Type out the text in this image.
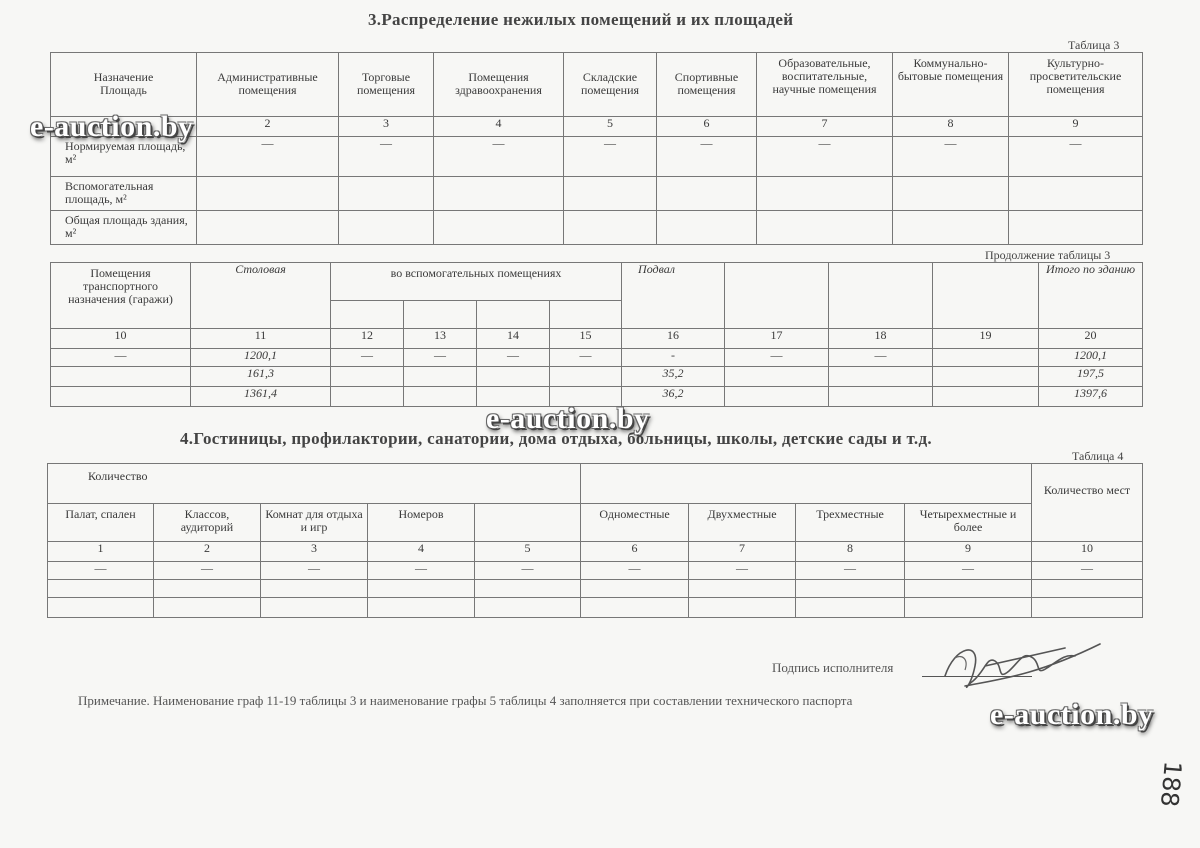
3.Распределение нежилых помещений и их площадей
Таблица 3
Назначение
Площадь	Административные помещения	Торговые помещения	Помещения здравоохранения	Складские помещения	Спортивные помещения	Образовательные, воспитательные, научные помещения	Коммунально-бытовые помещения	Культурно-просветительские помещения
	2	3	4	5	6	7	8	9
Нормируемая площадь, м²	—	—	—	—	—	—	—	—
Вспомогательная площадь, м²								
Общая площадь здания, м²								
Продолжение таблицы 3
Помещения транспортного назначения (гаражи)	Столовая	во вспомогательных помещениях				Подвал				Итого по зданию

10	11	12	13	14	15	16	17	18	19	20
—	1200,1	—	—	—	—	-	—	—		1200,1
	161,3					35,2				197,5
	1361,4					36,2				1397,6
4.Гостиницы, профилактории, санатории, дома отдыха, больницы, школы, детские сады и т.д.
Таблица 4
Количество									Количество мест
Палат, спален	Классов, аудиторий	Комнат для отдыха и игр	Номеров		Одноместные	Двухместные	Трехместные	Четырехместные и более	
1	2	3	4	5	6	7	8	9	10
—	—	—	—	—	—	—	—	—	—

Подпись исполнителя
Примечание. Наименование граф 11-19 таблицы 3 и наименование графы 5 таблицы 4 заполняется при составлении технического паспорта
188
e-auction.by
e-auction.by
e-auction.by
